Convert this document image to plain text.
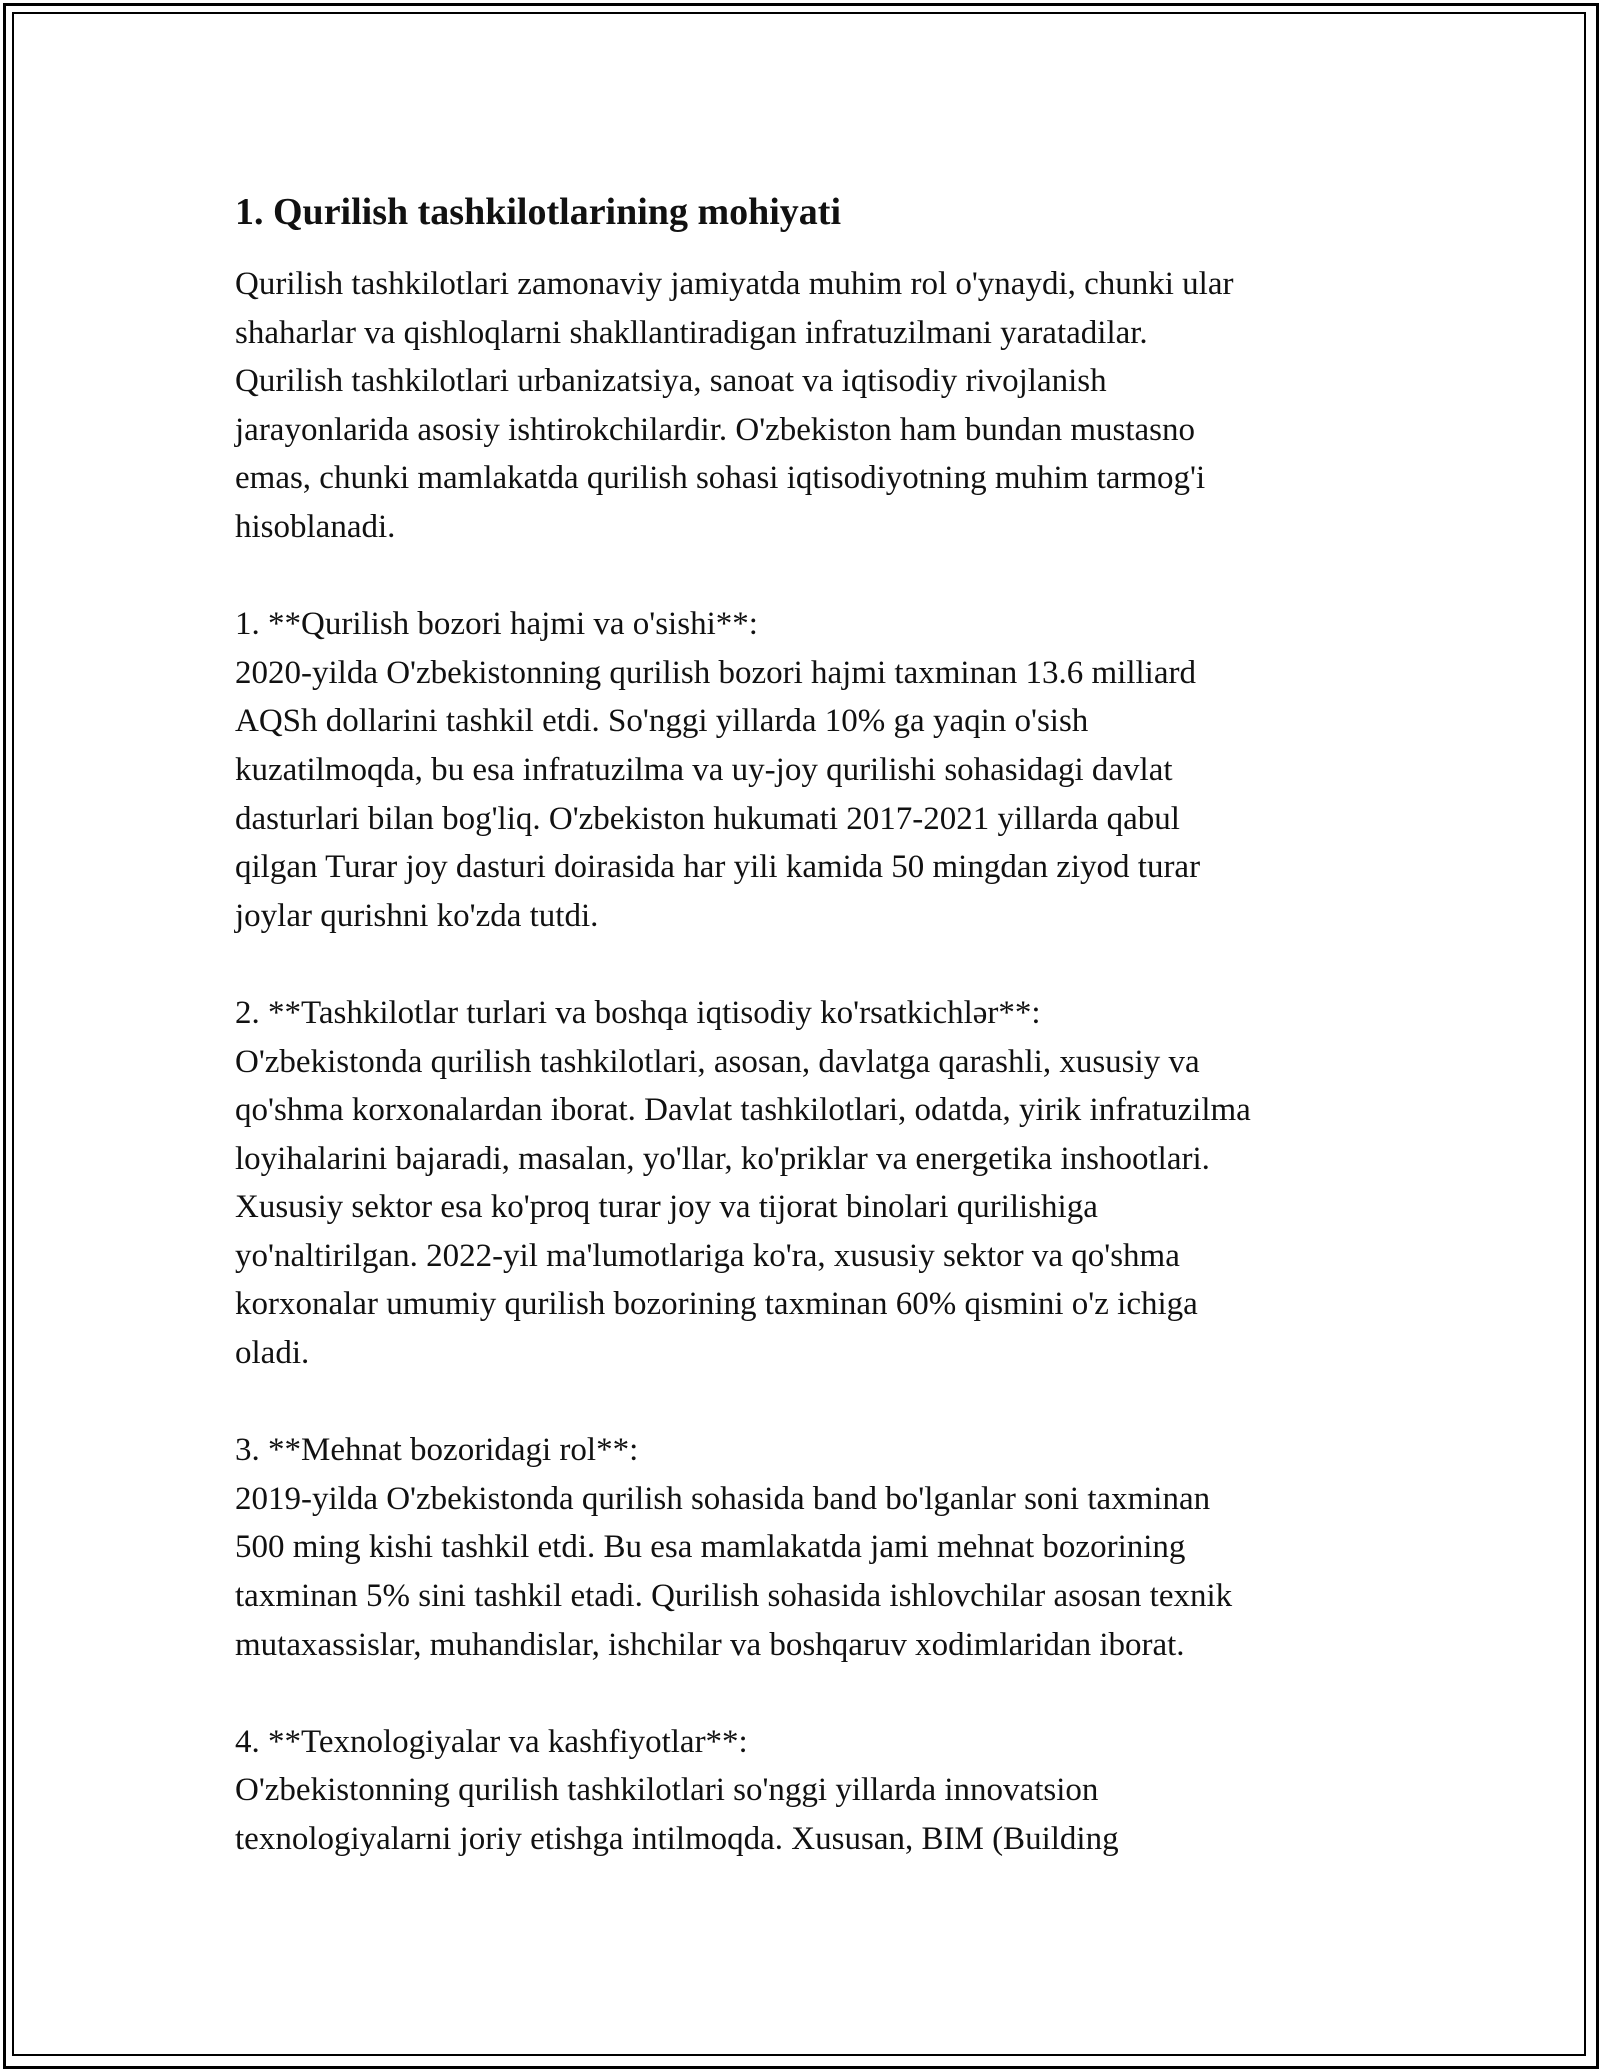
1. Qurilish tashkilotlarining mohiyati

Qurilish tashkilotlari zamonaviy jamiyatda muhim rol o'ynaydi, chunki ular
shaharlar va qishloqlarni shakllantiradigan infratuzilmani yaratadilar.
Qurilish tashkilotlari urbanizatsiya, sanoat va iqtisodiy rivojlanish
jarayonlarida asosiy ishtirokchilardir. O'zbekiston ham bundan mustasno
emas, chunki mamlakatda qurilish sohasi iqtisodiyotning muhim tarmog'i
hisoblanadi.

1. **Qurilish bozori hajmi va o'sishi**:

2020-yilda O'zbekistonning qurilish bozori hajmi taxminan 13.6 milliard
AQSh dollarini tashkil etdi. So'nggi yillarda 10% ga yaqin o'sish
kuzatilmoqda, bu esa infratuzilma va uy-joy qurilishi sohasidagi davlat
dasturlari bilan bog'liq. O'zbekiston hukumati 2017-2021 yillarda qabul
qilgan Turar joy dasturi doirasida har yili kamida 50 mingdan ziyod turar
joylar qurishni ko'zda tutdi.

2. **Tashkilotlar turlari va boshqa iqtisodiy ko'rsatkichlər**:

O'zbekistonda qurilish tashkilotlari, asosan, davlatga qarashli, xususiy va
qo'shma korxonalardan iborat. Davlat tashkilotlari, odatda, yirik infratuzilma
loyihalarini bajaradi, masalan, yo'llar, ko'priklar va energetika inshootlari.
Xususiy sektor esa ko'proq turar joy va tijorat binolari qurilishiga
yo'naltirilgan. 2022-yil ma'lumotlariga ko'ra, xususiy sektor va qo'shma
korxonalar umumiy qurilish bozorining taxminan 60% qismini o'z ichiga
oladi.

3. **Mehnat bozoridagi rol**:

2019-yilda O'zbekistonda qurilish sohasida band bo'lganlar soni taxminan
500 ming kishi tashkil etdi. Bu esa mamlakatda jami mehnat bozorining
taxminan 5% sini tashkil etadi. Qurilish sohasida ishlovchilar asosan texnik
mutaxassislar, muhandislar, ishchilar va boshqaruv xodimlaridan iborat.

4. **Texnologiyalar va kashfiyotlar**:

O'zbekistonning qurilish tashkilotlari so'nggi yillarda innovatsion
texnologiyalarni joriy etishga intilmoqda. Xususan, BIM (Building
